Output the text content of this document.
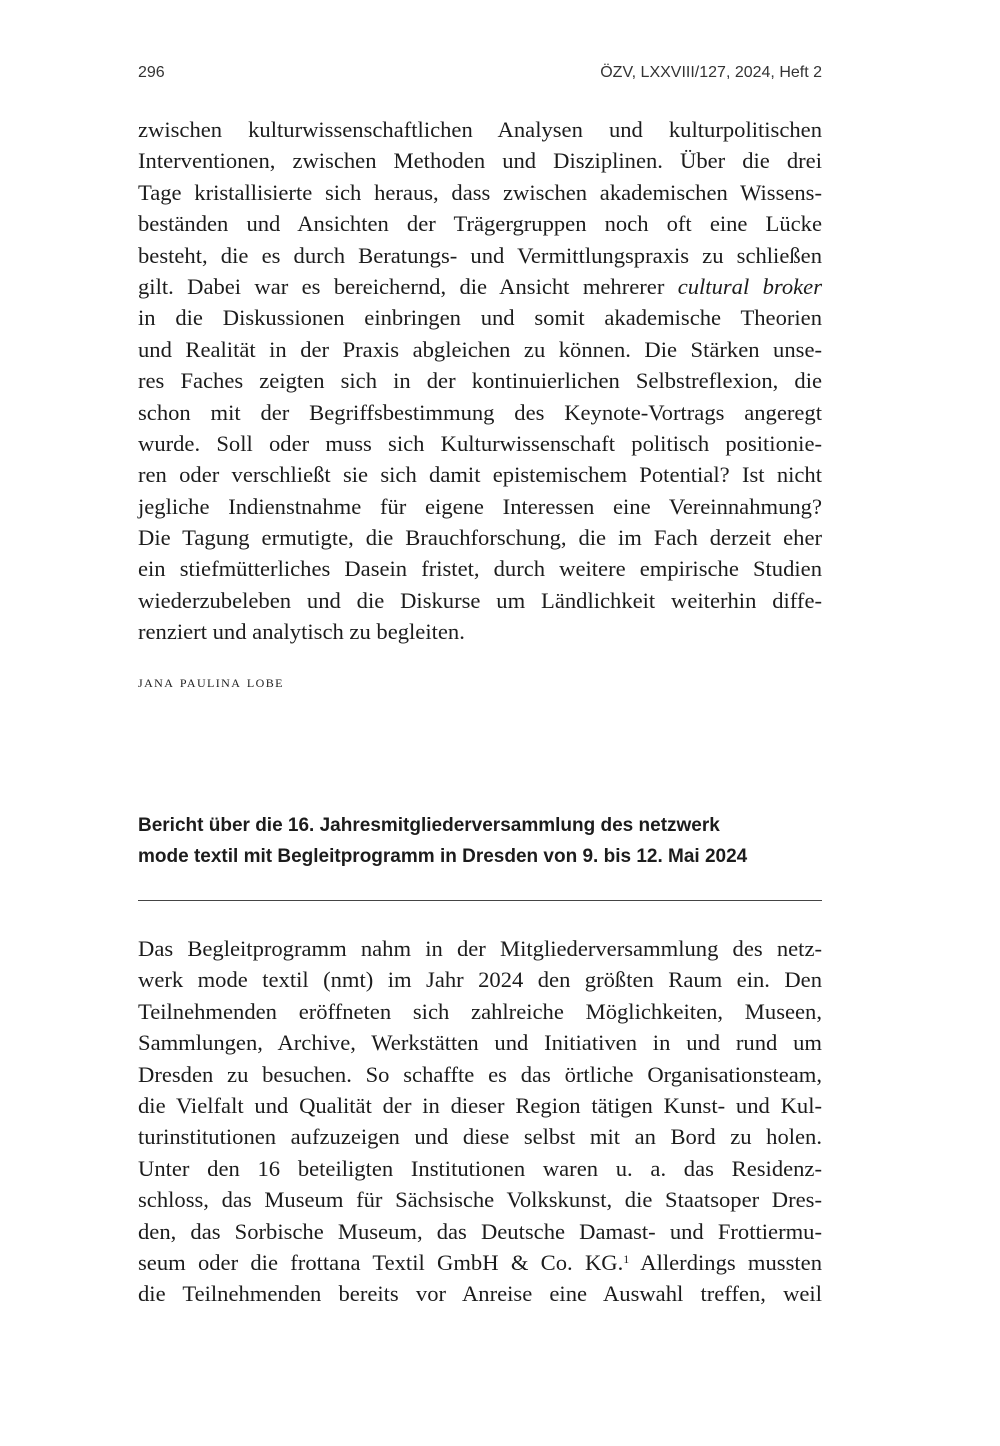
296	ÖZV, LXXVIII/127, 2024, Heft 2
zwischen kulturwissenschaftlichen Analysen und kulturpolitischen
Interventionen, zwischen Methoden und Disziplinen. Über die drei
Tage kristallisierte sich heraus, dass zwischen akademischen Wissens-
beständen und Ansichten der Trägergruppen noch oft eine Lücke
besteht, die es durch Beratungs- und Vermittlungspraxis zu schließen
gilt. Dabei war es bereichernd, die Ansicht mehrerer cultural broker
in die Diskussionen einbringen und somit akademische Theorien
und Realität in der Praxis abgleichen zu können. Die Stärken unse-
res Faches zeigten sich in der kontinuierlichen Selbstreflexion, die
schon mit der Begriffsbestimmung des Keynote-Vortrags angeregt
wurde. Soll oder muss sich Kulturwissenschaft politisch positionie-
ren oder verschließt sie sich damit epistemischem Potential? Ist nicht
jegliche Indienstnahme für eigene Interessen eine Vereinnahmung?
Die Tagung ermutigte, die Brauchforschung, die im Fach derzeit eher
ein stiefmütterliches Dasein fristet, durch weitere empirische Studien
wiederzubeleben und die Diskurse um Ländlichkeit weiterhin diffe-
renziert und analytisch zu begleiten.
jana paulina lobe
Bericht über die 16. Jahresmitgliederversammlung des netzwerk
mode textil mit Begleitprogramm in Dresden von 9. bis 12. Mai 2024
Das Begleitprogramm nahm in der Mitgliederversammlung des netz-
werk mode textil (nmt) im Jahr 2024 den größten Raum ein. Den
Teilnehmenden eröffneten sich zahlreiche Möglichkeiten, Museen,
Sammlungen, Archive, Werkstätten und Initiativen in und rund um
Dresden zu besuchen. So schaffte es das örtliche Organisationsteam,
die Vielfalt und Qualität der in dieser Region tätigen Kunst- und Kul-
turinstitutionen aufzuzeigen und diese selbst mit an Bord zu holen.
Unter den 16 beteiligten Institutionen waren u. a. das Residenz-
schloss, das Museum für Sächsische Volkskunst, die Staatsoper Dres-
den, das Sorbische Museum, das Deutsche Damast- und Frottiermu-
seum oder die frottana Textil GmbH & Co. KG.$^1$ Allerdings mussten
die Teilnehmenden bereits vor Anreise eine Auswahl treffen, weil
